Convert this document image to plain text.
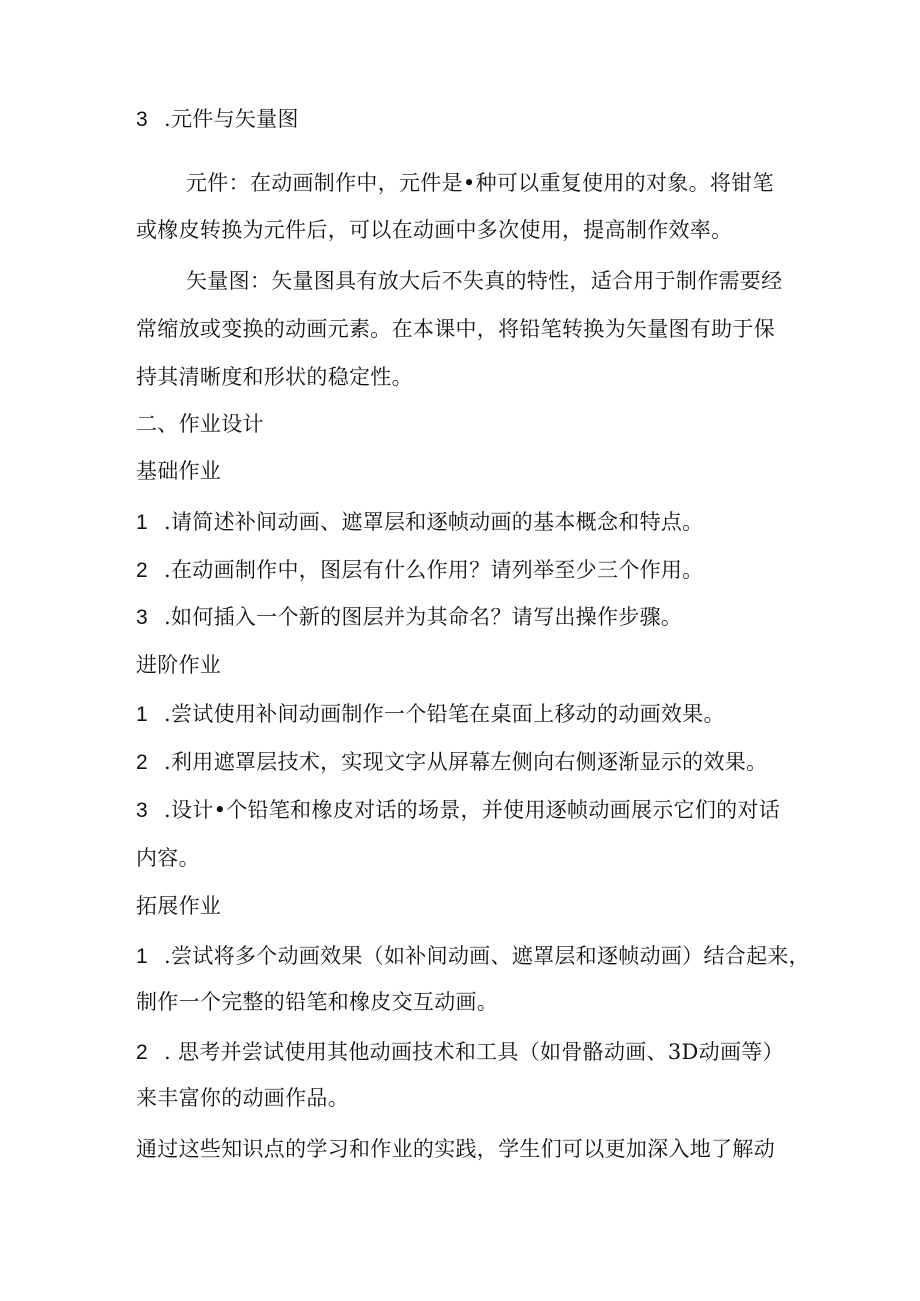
3 .元件与矢量图
元件：在动画制作中，元件是•种可以重复使用的对象。将钳笔
或橡皮转换为元件后，可以在动画中多次使用，提高制作效率。
矢量图：矢量图具有放大后不失真的特性，适合用于制作需要经
常缩放或变换的动画元素。在本课中，将铅笔转换为矢量图有助于保
持其清晰度和形状的稳定性。
二、作业设计
基础作业
1 .请简述补间动画、遮罩层和逐帧动画的基本概念和特点。
2 .在动画制作中，图层有什么作用？请列举至少三个作用。
3 .如何插入一个新的图层并为其命名？请写出操作步骤。
进阶作业
1 .尝试使用补间动画制作一个铅笔在桌面上移动的动画效果。
2 .利用遮罩层技术，实现文字从屏幕左侧向右侧逐渐显示的效果。
3 .设计•个铅笔和橡皮对话的场景，并使用逐帧动画展示它们的对话
内容。
拓展作业
1 .尝试将多个动画效果（如补间动画、遮罩层和逐帧动画）结合起来，
制作一个完整的铅笔和橡皮交互动画。
2 . 思考并尝试使用其他动画技术和工具（如骨骼动画、3D动画等）
来丰富你的动画作品。
通过这些知识点的学习和作业的实践，学生们可以更加深入地了解动
